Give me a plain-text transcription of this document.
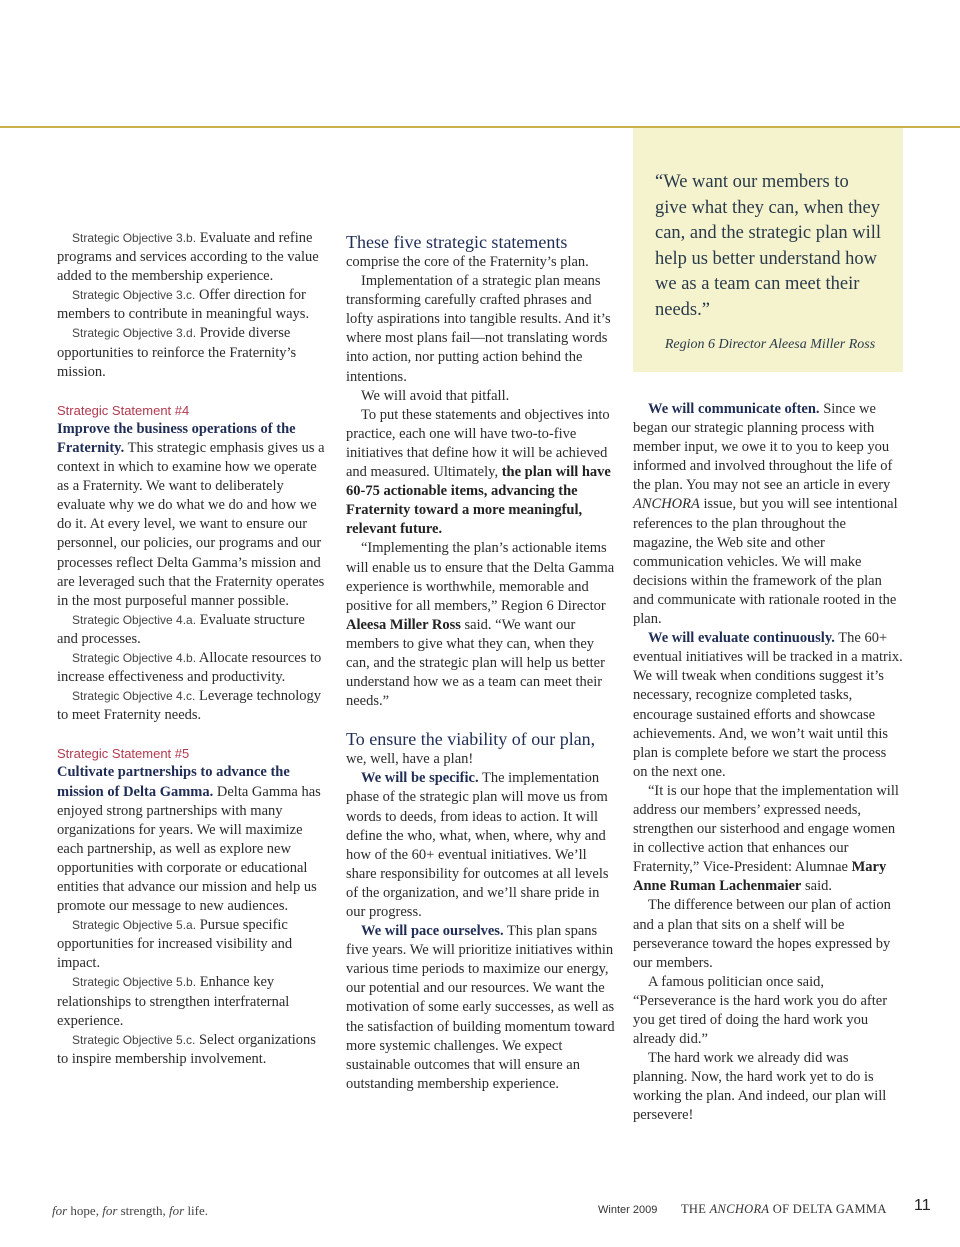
Strategic Objective 3.b. Evaluate and refine programs and services according to the value added to the membership experience.

Strategic Objective 3.c. Offer direction for members to contribute in meaningful ways.

Strategic Objective 3.d. Provide diverse opportunities to reinforce the Fraternity’s mission.

Strategic Statement #4

Improve the business operations of the Fraternity. This strategic emphasis gives us a context in which to examine how we operate as a Fraternity. We want to deliberately evaluate why we do what we do and how we do it. At every level, we want to ensure our personnel, our policies, our programs and our processes reflect Delta Gamma’s mission and are leveraged such that the Fraternity operates in the most purposeful manner possible.

Strategic Objective 4.a. Evaluate structure and processes.

Strategic Objective 4.b. Allocate resources to increase effectiveness and productivity.

Strategic Objective 4.c. Leverage technology to meet Fraternity needs.

Strategic Statement #5

Cultivate partnerships to advance the mission of Delta Gamma. Delta Gamma has enjoyed strong partnerships with many organizations for years. We will maximize each partnership, as well as explore new opportunities with corporate or educational entities that advance our mission and help us promote our message to new audiences.

Strategic Objective 5.a. Pursue specific opportunities for increased visibility and impact.

Strategic Objective 5.b. Enhance key relationships to strengthen interfraternal experience.

Strategic Objective 5.c. Select organizations to inspire membership involvement.

These five strategic statements

comprise the core of the Fraternity’s plan.

Implementation of a strategic plan means transforming carefully crafted phrases and lofty aspirations into tangible results. And it’s where most plans fail—not translating words into action, nor putting action behind the intentions.

We will avoid that pitfall.

To put these statements and objectives into practice, each one will have two-to-five initiatives that define how it will be achieved and measured. Ultimately, the plan will have 60-75 actionable items, advancing the Fraternity toward a more meaningful, relevant future.

“Implementing the plan’s actionable items will enable us to ensure that the Delta Gamma experience is worthwhile, memorable and positive for all members,” Region 6 Director Aleesa Miller Ross said. “We want our members to give what they can, when they can, and the strategic plan will help us better understand how we as a team can meet their needs.”

To ensure the viability of our plan,

we, well, have a plan!

We will be specific. The implementation phase of the strategic plan will move us from words to deeds, from ideas to action. It will define the who, what, when, where, why and how of the 60+ eventual initiatives. We’ll share responsibility for outcomes at all levels of the organization, and we’ll share pride in our progress.

We will pace ourselves. This plan spans five years. We will prioritize initiatives within various time periods to maximize our energy, our potential and our resources. We want the motivation of some early successes, as well as the satisfaction of building momentum toward more systemic challenges. We expect sustainable outcomes that will ensure an outstanding membership experience.

“We want our members to give what they can, when they can, and the strategic plan will help us better understand how we as a team can meet their needs.”

Region 6 Director Aleesa Miller Ross

We will communicate often. Since we began our strategic planning process with member input, we owe it to you to keep you informed and involved throughout the life of the plan. You may not see an article in every ANCHORA issue, but you will see intentional references to the plan throughout the magazine, the Web site and other communication vehicles. We will make decisions within the framework of the plan and communicate with rationale rooted in the plan.

We will evaluate continuously. The 60+ eventual initiatives will be tracked in a matrix. We will tweak when conditions suggest it’s necessary, recognize completed tasks, encourage sustained efforts and showcase achievements. And, we won’t wait until this plan is complete before we start the process on the next one.

“It is our hope that the implementation will address our members’ expressed needs, strengthen our sisterhood and engage women in collective action that enhances our Fraternity,” Vice-President: Alumnae Mary Anne Ruman Lachenmaier said.

The difference between our plan of action and a plan that sits on a shelf will be perseverance toward the hopes expressed by our members.

A famous politician once said, “Perseverance is the hard work you do after you get tired of doing the hard work you already did.”

The hard work we already did was planning. Now, the hard work yet to do is working the plan. And indeed, our plan will persevere!

for hope, for strength, for life.	Winter 2009 THE ANCHORA OF DELTA GAMMA 11
